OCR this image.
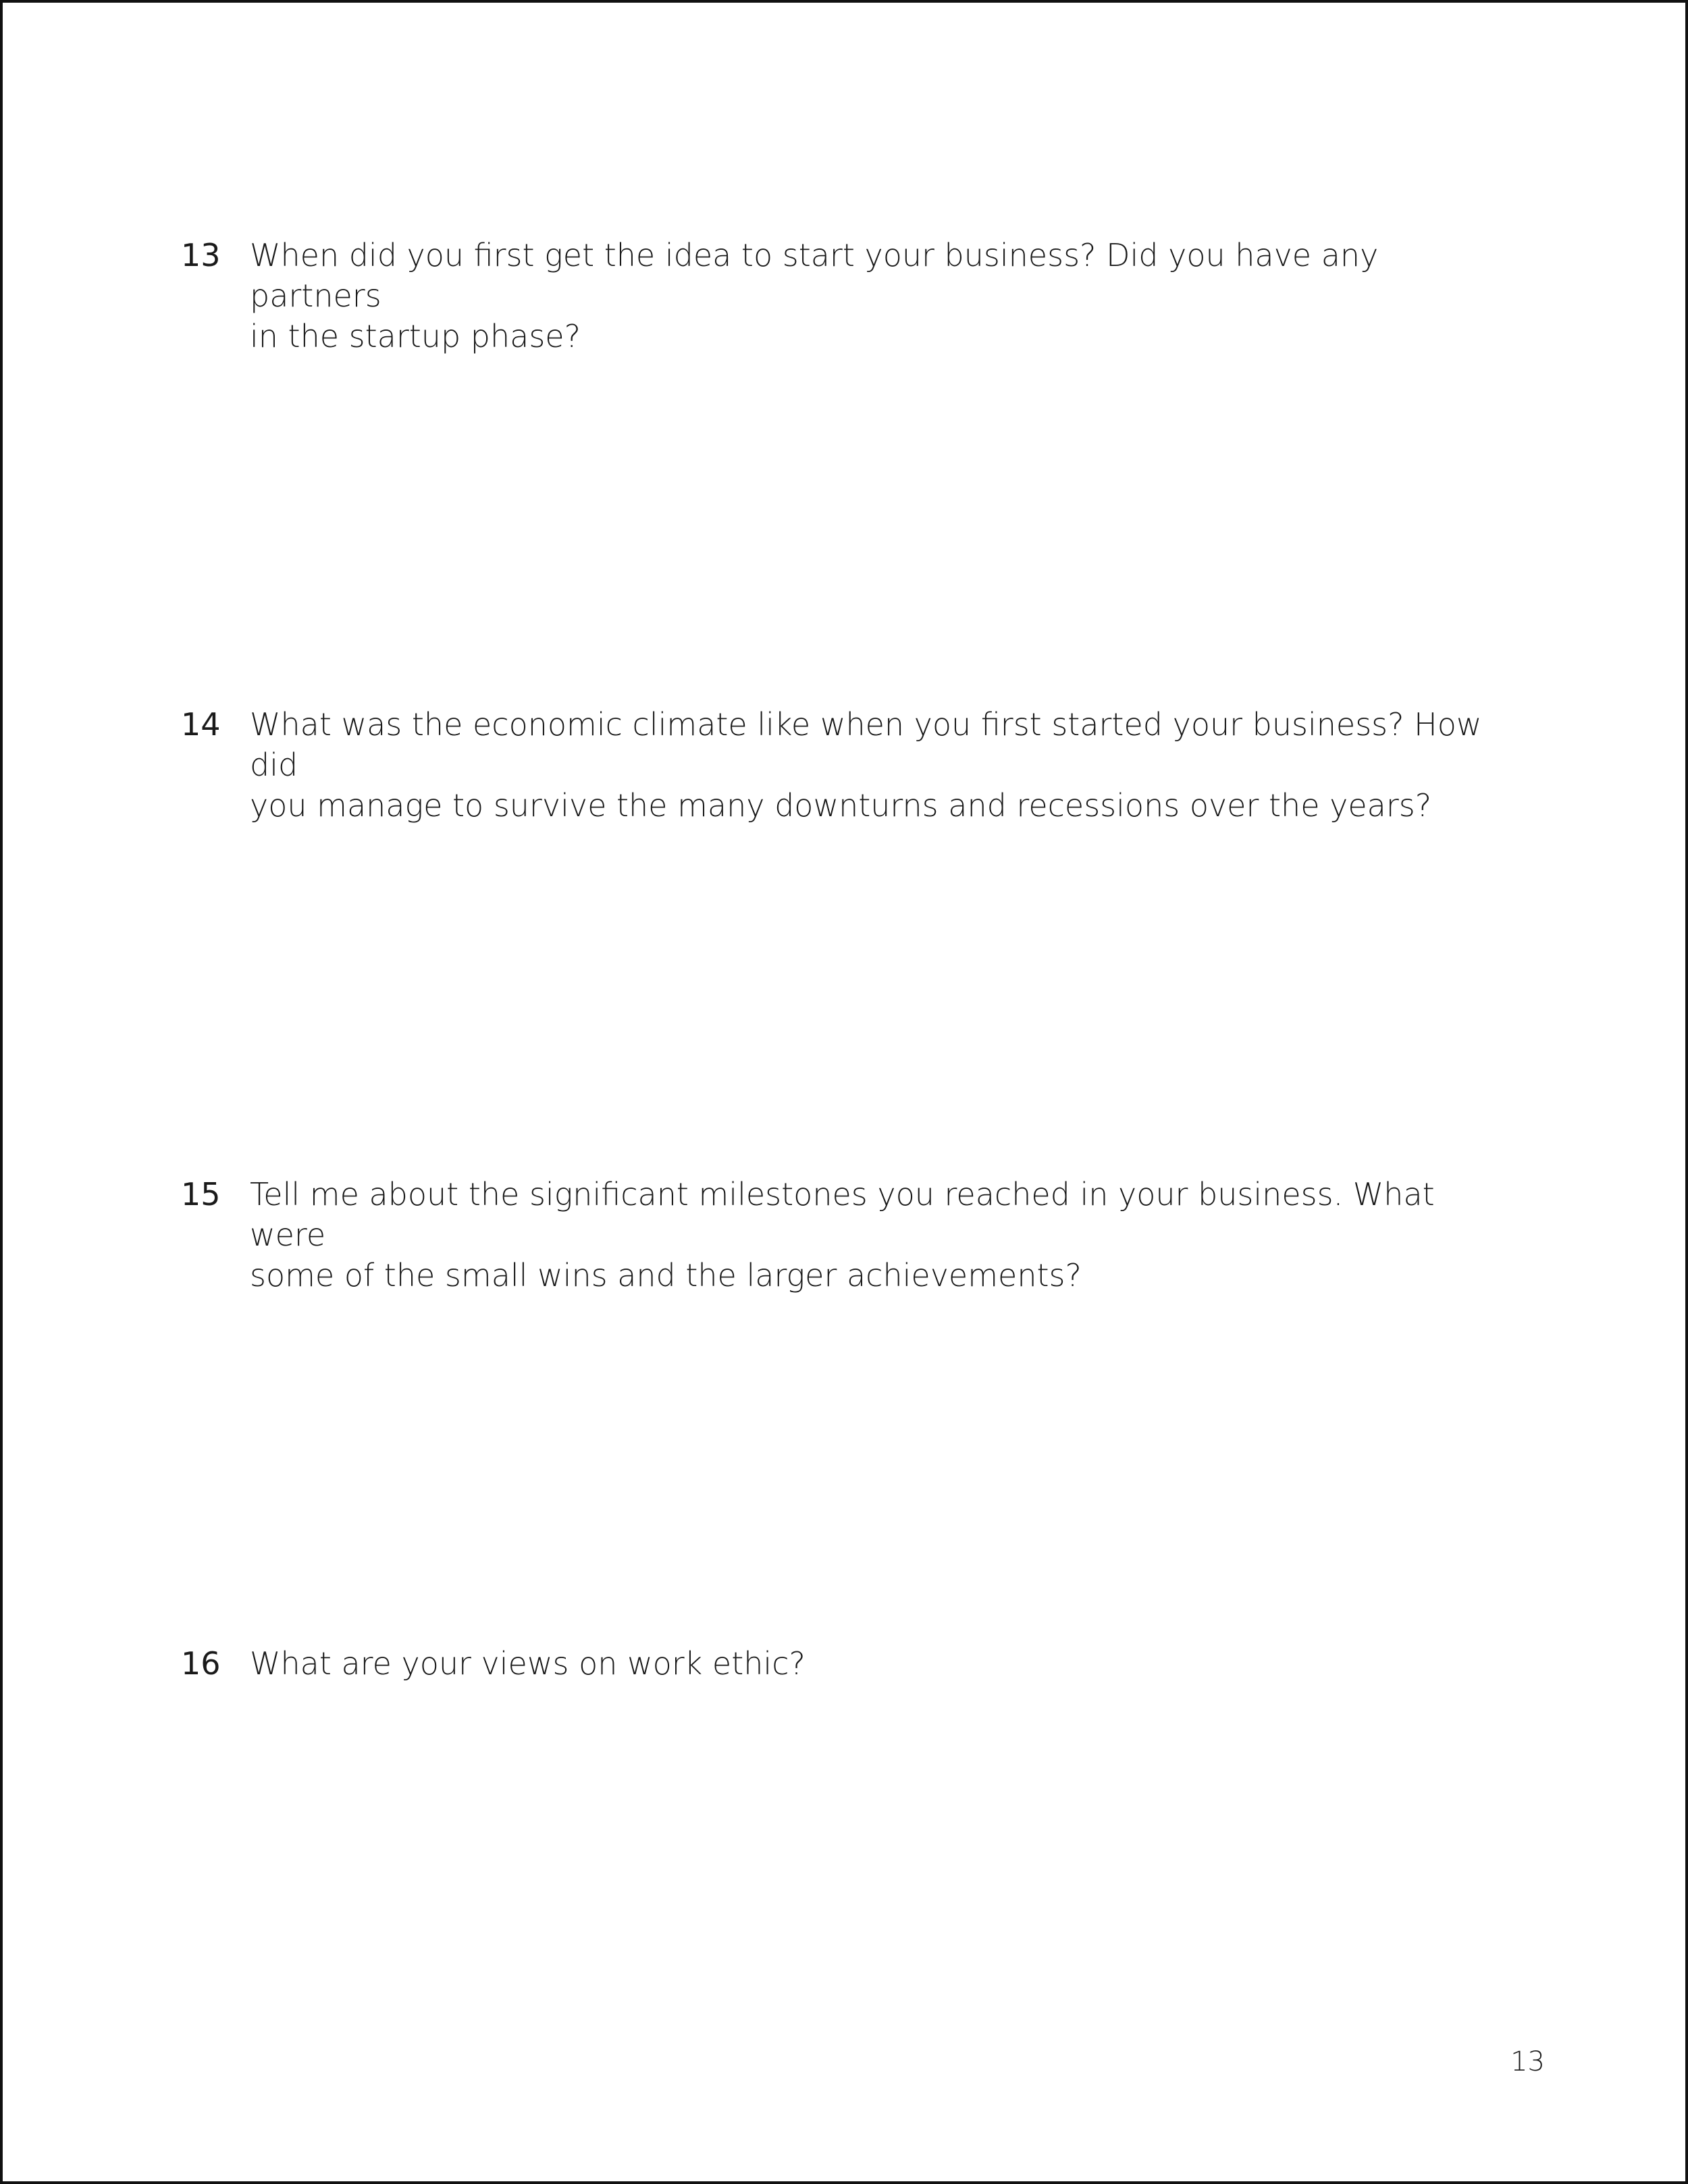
13 When did you first get the idea to start your business? Did you have any partners
in the startup phase?
14 What was the economic climate like when you first started your business? How did
you manage to survive the many downturns and recessions over the years?
15 Tell me about the significant milestones you reached in your business. What were
some of the small wins and the larger achievements?
16 What are your views on work ethic?
13
